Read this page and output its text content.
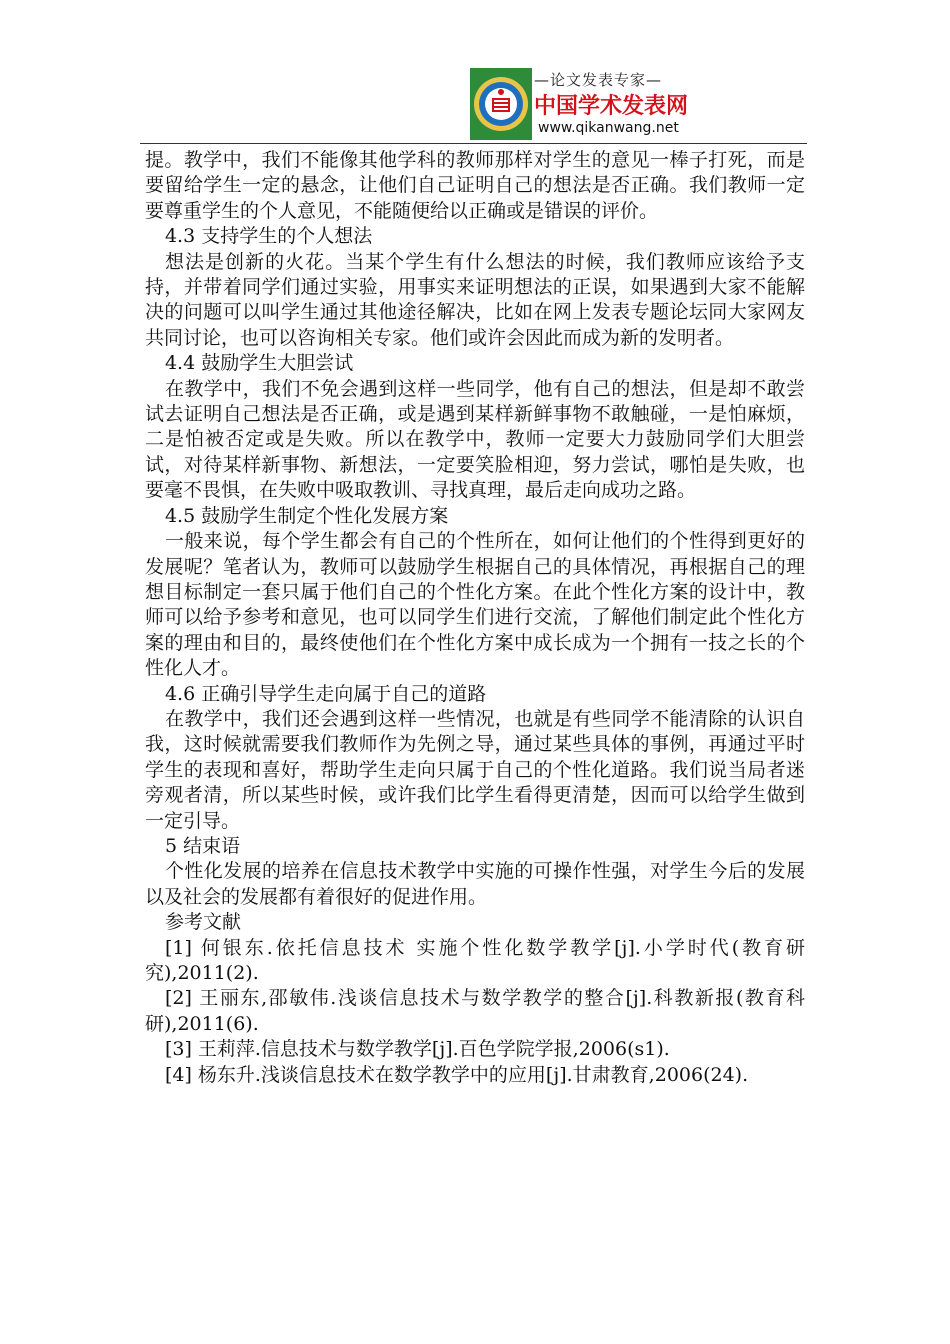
—论文发表专家—
中国学术发表网
www.qikanwang.net

提。教学中，我们不能像其他学科的教师那样对学生的意见一棒子打死，而是要留给学生一定的悬念，让他们自己证明自己的想法是否正确。我们教师一定要尊重学生的个人意见，不能随便给以正确或是错误的评价。

4.3 支持学生的个人想法

想法是创新的火花。当某个学生有什么想法的时候，我们教师应该给予支持，并带着同学们通过实验，用事实来证明想法的正误，如果遇到大家不能解决的问题可以叫学生通过其他途径解决，比如在网上发表专题论坛同大家网友共同讨论，也可以咨询相关专家。他们或许会因此而成为新的发明者。

4.4 鼓励学生大胆尝试

在教学中，我们不免会遇到这样一些同学，他有自己的想法，但是却不敢尝试去证明自己想法是否正确，或是遇到某样新鲜事物不敢触碰，一是怕麻烦，二是怕被否定或是失败。所以在教学中，教师一定要大力鼓励同学们大胆尝试，对待某样新事物、新想法，一定要笑脸相迎，努力尝试，哪怕是失败，也要毫不畏惧，在失败中吸取教训、寻找真理，最后走向成功之路。

4.5 鼓励学生制定个性化发展方案

一般来说，每个学生都会有自己的个性所在，如何让他们的个性得到更好的发展呢？笔者认为，教师可以鼓励学生根据自己的具体情况，再根据自己的理想目标制定一套只属于他们自己的个性化方案。在此个性化方案的设计中，教师可以给予参考和意见，也可以同学生们进行交流，了解他们制定此个性化方案的理由和目的，最终使他们在个性化方案中成长成为一个拥有一技之长的个性化人才。

4.6 正确引导学生走向属于自己的道路

在教学中，我们还会遇到这样一些情况，也就是有些同学不能清除的认识自我，这时候就需要我们教师作为先例之导，通过某些具体的事例，再通过平时学生的表现和喜好，帮助学生走向只属于自己的个性化道路。我们说当局者迷旁观者清，所以某些时候，或许我们比学生看得更清楚，因而可以给学生做到一定引导。

5 结束语

个性化发展的培养在信息技术教学中实施的可操作性强，对学生今后的发展以及社会的发展都有着很好的促进作用。

参考文献

[1] 何银东.依托信息技术 实施个性化数学教学[j].小学时代(教育研究),2011(2).

[2] 王丽东,邵敏伟.浅谈信息技术与数学教学的整合[j].科教新报(教育科研),2011(6).

[3] 王莉萍.信息技术与数学教学[j].百色学院学报,2006(s1).

[4] 杨东升.浅谈信息技术在数学教学中的应用[j].甘肃教育,2006(24).
